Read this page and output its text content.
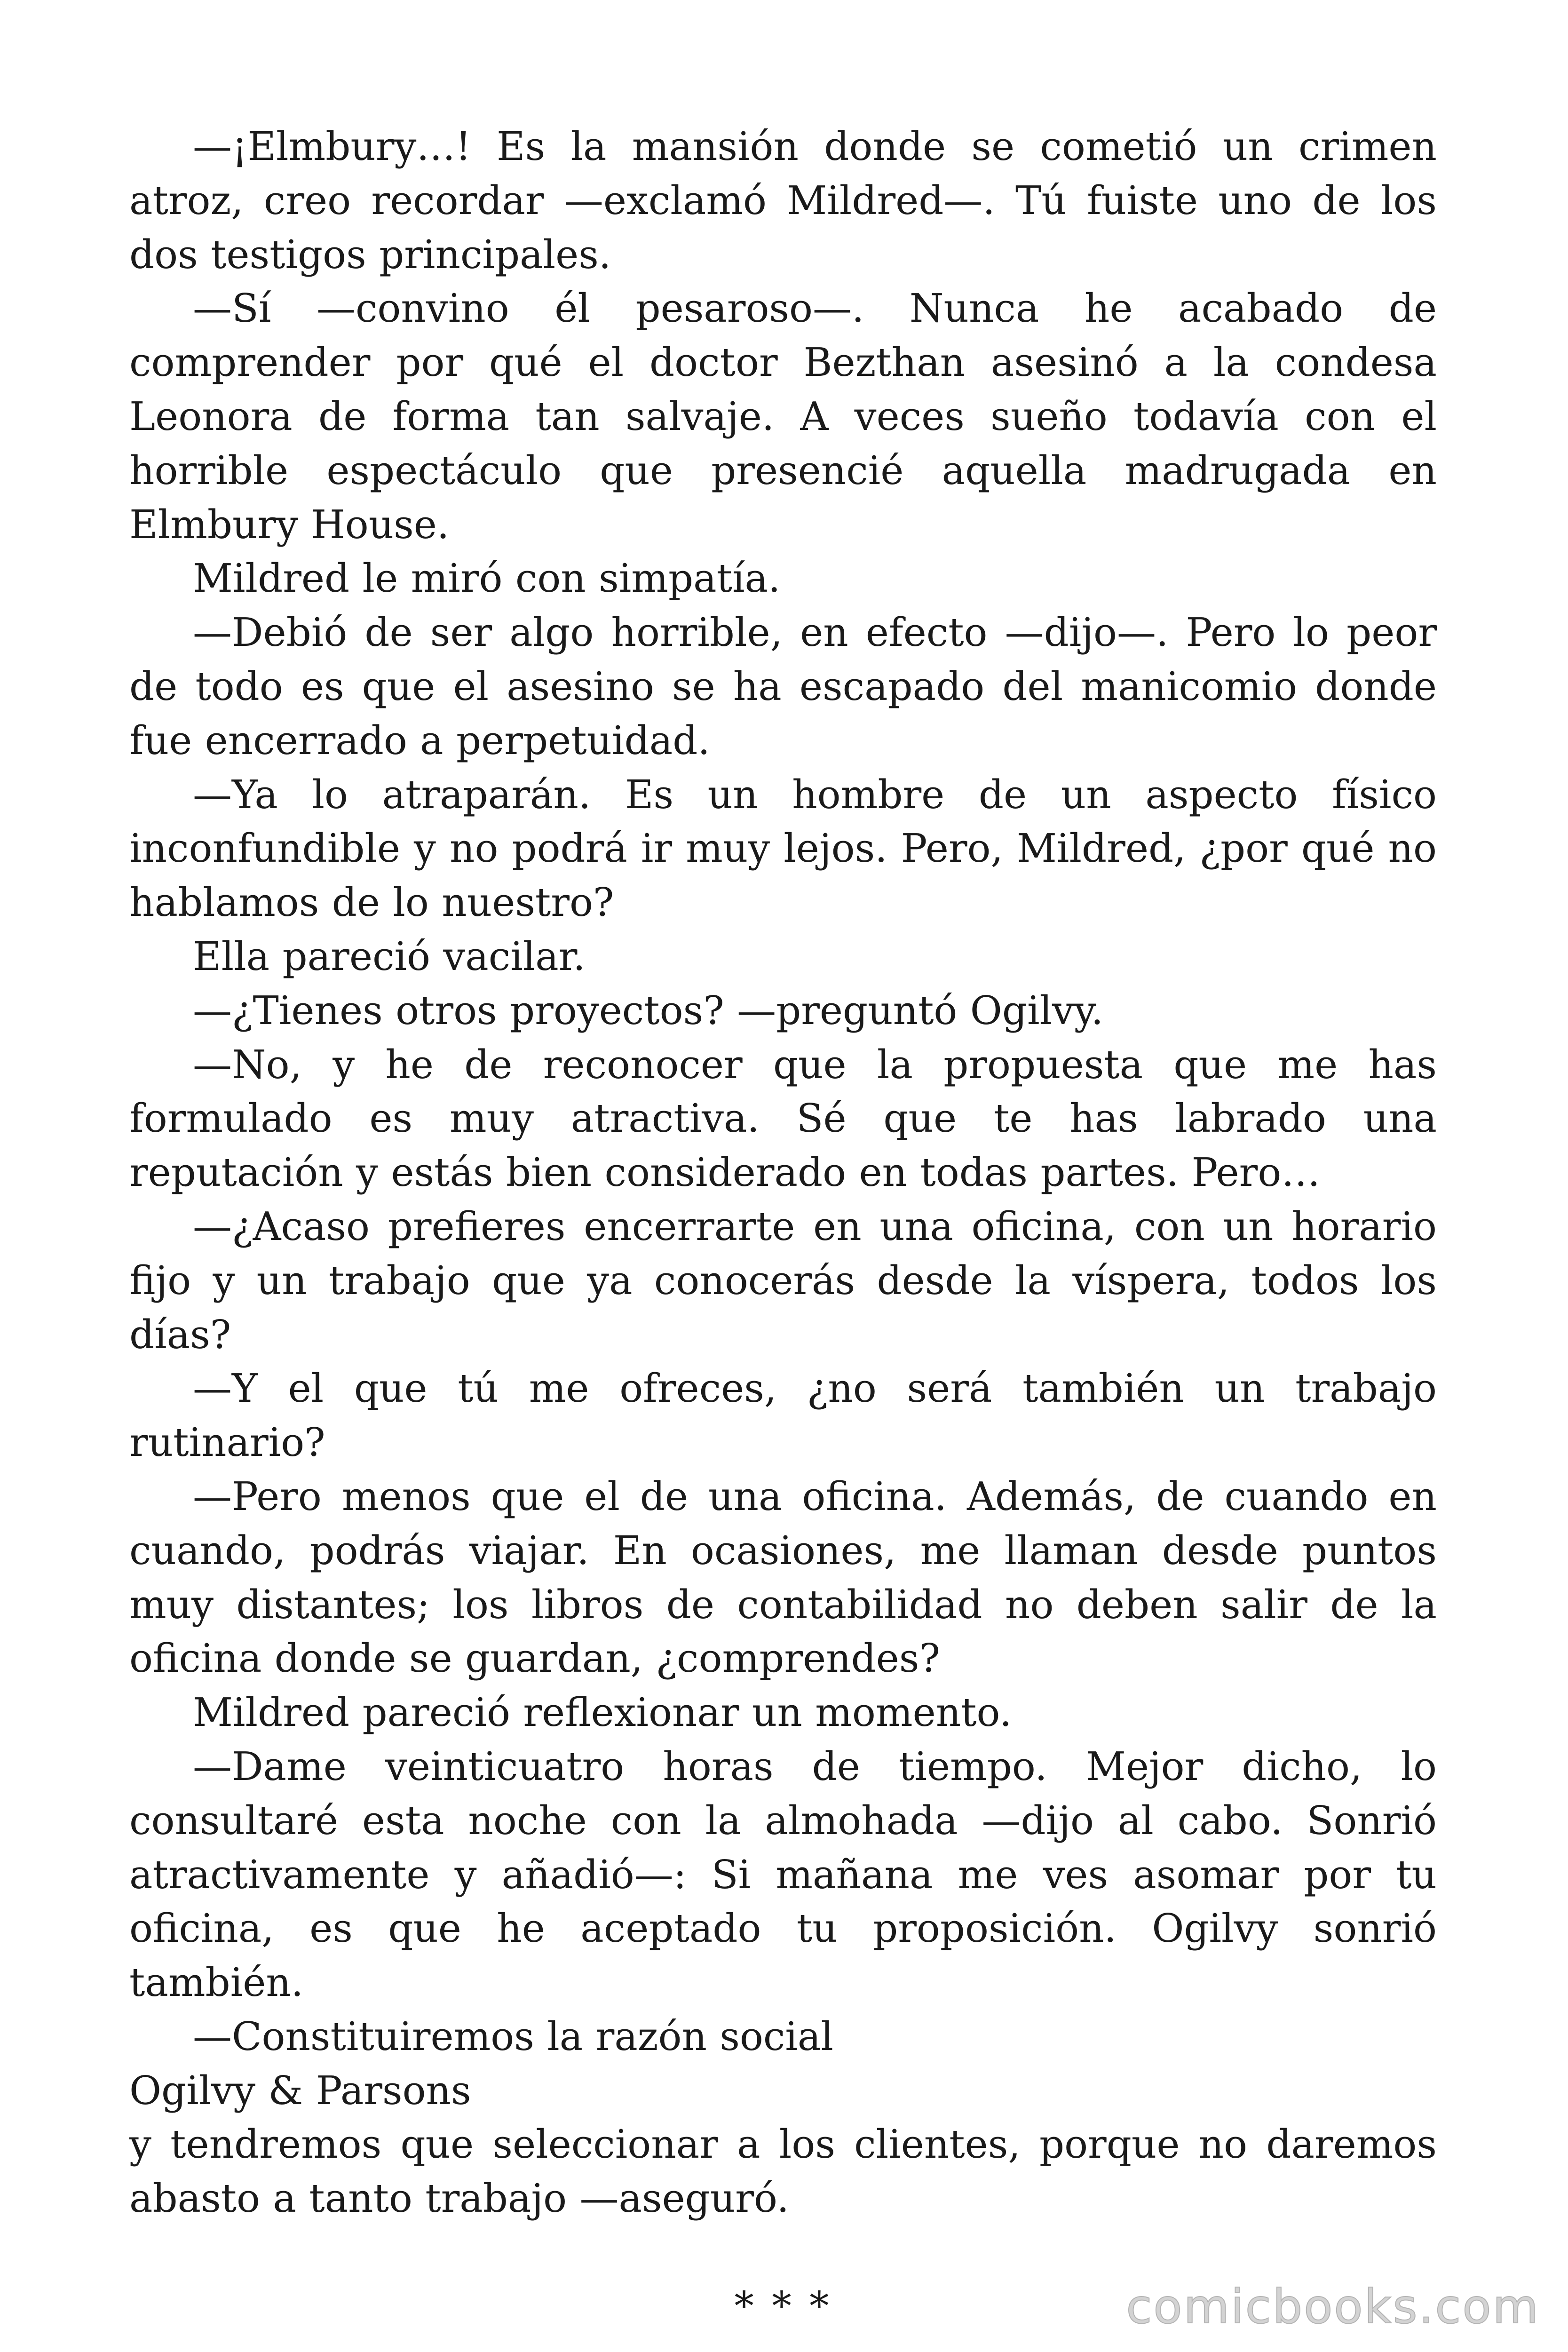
—¡Elmbury…! Es la mansión donde se cometió un crimen atroz, creo recordar —exclamó Mildred—. Tú fuiste uno de los dos testigos principales.

—Sí —convino él pesaroso—. Nunca he acabado de comprender por qué el doctor Bezthan asesinó a la condesa Leonora de forma tan salvaje. A veces sueño todavía con el horrible espectáculo que presencié aquella madrugada en Elmbury House.

Mildred le miró con simpatía.

—Debió de ser algo horrible, en efecto —dijo—. Pero lo peor de todo es que el asesino se ha escapado del manicomio donde fue encerrado a perpetuidad.

—Ya lo atraparán. Es un hombre de un aspecto físico inconfundible y no podrá ir muy lejos. Pero, Mildred, ¿por qué no hablamos de lo nuestro?

Ella pareció vacilar.

—¿Tienes otros proyectos? —preguntó Ogilvy.

—No, y he de reconocer que la propuesta que me has formulado es muy atractiva. Sé que te has labrado una reputación y estás bien considerado en todas partes. Pero…

—¿Acaso prefieres encerrarte en una oficina, con un horario fijo y un trabajo que ya conocerás desde la víspera, todos los días?

—Y el que tú me ofreces, ¿no será también un trabajo rutinario?

—Pero menos que el de una oficina. Además, de cuando en cuando, podrás viajar. En ocasiones, me llaman desde puntos muy distantes; los libros de contabilidad no deben salir de la oficina donde se guardan, ¿comprendes?

Mildred pareció reflexionar un momento.

—Dame veinticuatro horas de tiempo. Mejor dicho, lo consultaré esta noche con la almohada —dijo al cabo. Sonrió atractivamente y añadió—: Si mañana me ves asomar por tu oficina, es que he aceptado tu proposición. Ogilvy sonrió también.

—Constituiremos la razón social

Ogilvy & Parsons

y tendremos que seleccionar a los clientes, porque no daremos abasto a tanto trabajo —aseguró.

* * *	comicbooks.com
